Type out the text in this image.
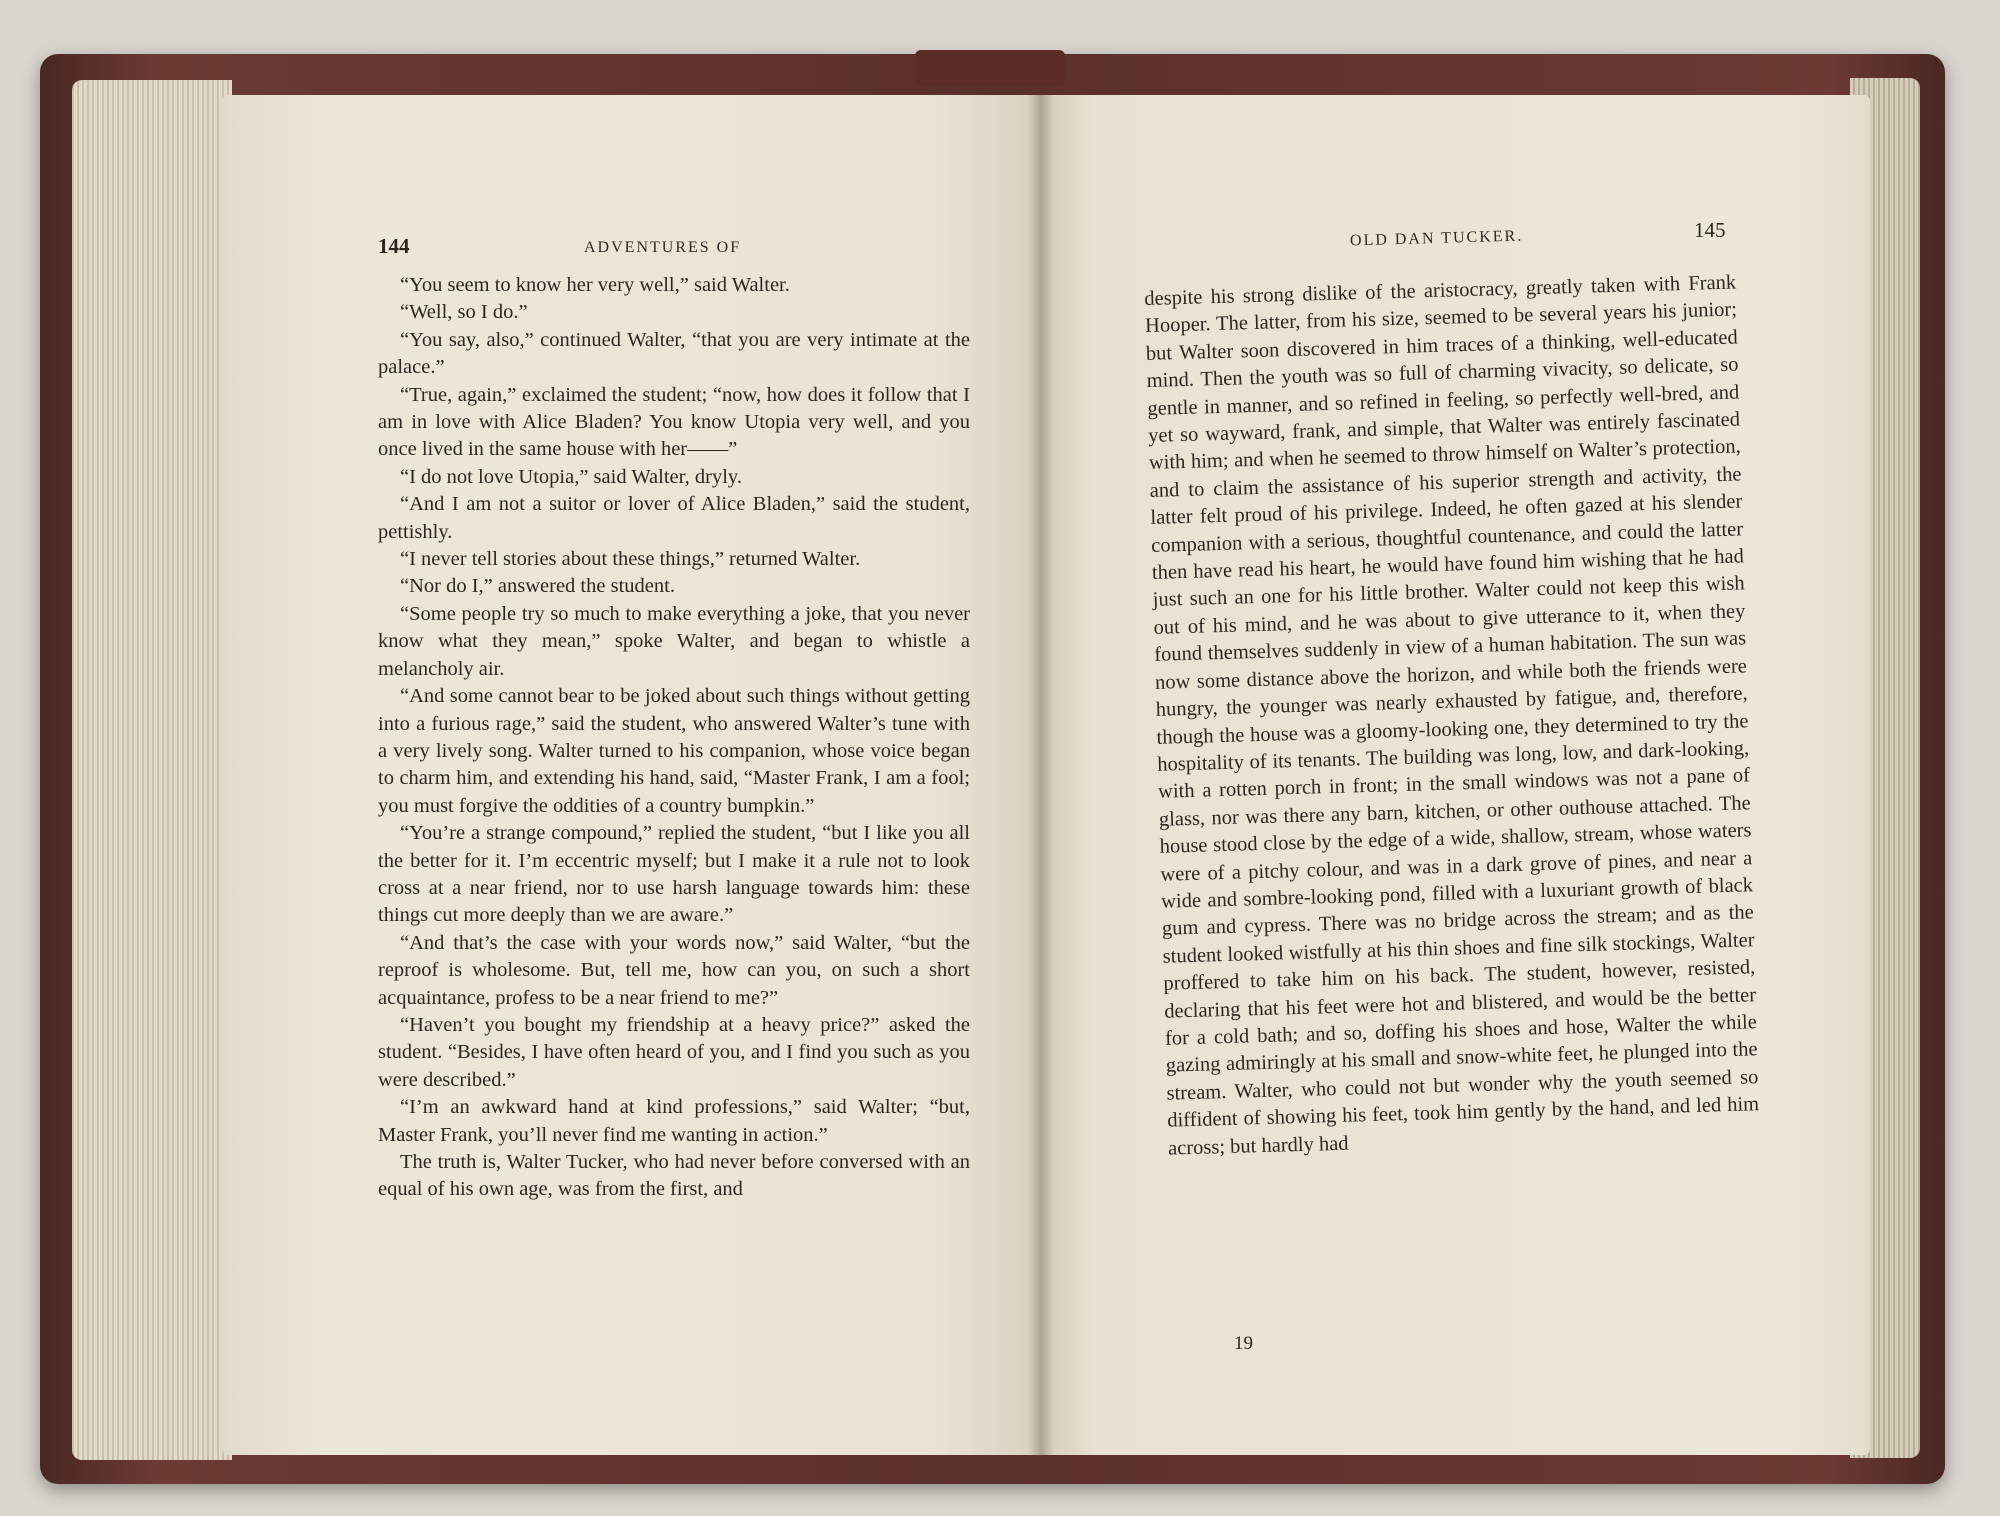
144	ADVENTURES OF

“You seem to know her very well,” said Walter.

“Well, so I do.”

“You say, also,” continued Walter, “that you are very intimate at the palace.”

“True, again,” exclaimed the student; “now, how does it follow that I am in love with Alice Bladen? You know Utopia very well, and you once lived in the same house with her——”

“I do not love Utopia,” said Walter, dryly.

“And I am not a suitor or lover of Alice Bladen,” said the student, pettishly.

“I never tell stories about these things,” returned Walter.

“Nor do I,” answered the student.

“Some people try so much to make everything a joke, that you never know what they mean,” spoke Walter, and began to whistle a melancholy air.

“And some cannot bear to be joked about such things without getting into a furious rage,” said the student, who answered Walter’s tune with a very lively song. Walter turned to his companion, whose voice began to charm him, and extending his hand, said, “Master Frank, I am a fool; you must forgive the oddities of a country bumpkin.”

“You’re a strange compound,” replied the student, “but I like you all the better for it. I’m eccentric myself; but I make it a rule not to look cross at a near friend, nor to use harsh language towards him: these things cut more deeply than we are aware.”

“And that’s the case with your words now,” said Walter, “but the reproof is wholesome. But, tell me, how can you, on such a short acquaintance, profess to be a near friend to me?”

“Haven’t you bought my friendship at a heavy price?” asked the student. “Besides, I have often heard of you, and I find you such as you were described.”

“I’m an awkward hand at kind professions,” said Walter; “but, Master Frank, you’ll never find me wanting in action.”

The truth is, Walter Tucker, who had never before conversed with an equal of his own age, was from the first, and

OLD DAN TUCKER.	145

despite his strong dislike of the aristocracy, greatly taken with Frank Hooper. The latter, from his size, seemed to be several years his junior; but Walter soon discovered in him traces of a thinking, well-educated mind. Then the youth was so full of charming vivacity, so delicate, so gentle in manner, and so refined in feeling, so perfectly well-bred, and yet so wayward, frank, and simple, that Walter was entirely fascinated with him; and when he seemed to throw himself on Walter’s protection, and to claim the assistance of his superior strength and activity, the latter felt proud of his privilege. Indeed, he often gazed at his slender companion with a serious, thoughtful countenance, and could the latter then have read his heart, he would have found him wishing that he had just such an one for his little brother. Walter could not keep this wish out of his mind, and he was about to give utterance to it, when they found themselves suddenly in view of a human habitation. The sun was now some distance above the horizon, and while both the friends were hungry, the younger was nearly exhausted by fatigue, and, therefore, though the house was a gloomy-looking one, they determined to try the hospitality of its tenants. The building was long, low, and dark-looking, with a rotten porch in front; in the small windows was not a pane of glass, nor was there any barn, kitchen, or other outhouse attached. The house stood close by the edge of a wide, shallow, stream, whose waters were of a pitchy colour, and was in a dark grove of pines, and near a wide and sombre-looking pond, filled with a luxuriant growth of black gum and cypress. There was no bridge across the stream; and as the student looked wistfully at his thin shoes and fine silk stockings, Walter proffered to take him on his back. The student, however, resisted, declaring that his feet were hot and blistered, and would be the better for a cold bath; and so, doffing his shoes and hose, Walter the while gazing admiringly at his small and snow-white feet, he plunged into the stream. Walter, who could not but wonder why the youth seemed so diffident of showing his feet, took him gently by the hand, and led him across; but hardly had

19
